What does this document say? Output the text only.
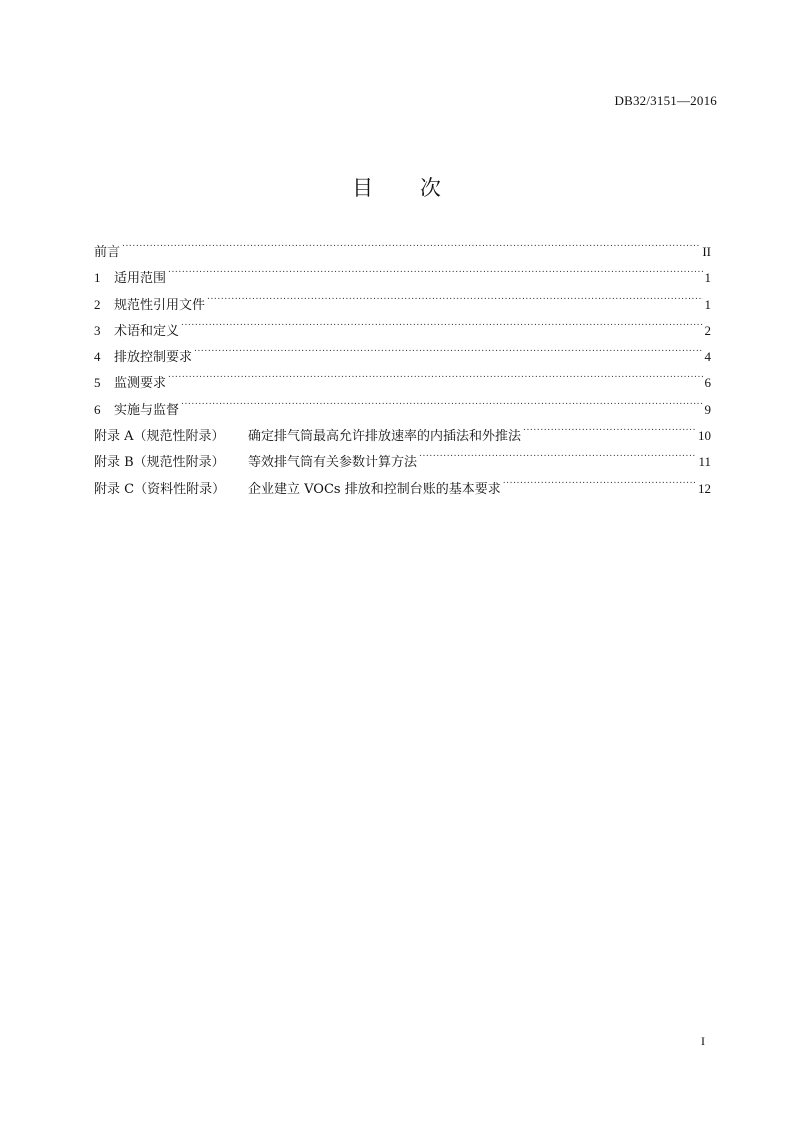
DB32/3151—2016
目 次
前言 .....	II
1	适用范围 .....	1
2	规范性引用文件 .....	1
3	术语和定义 .....	2
4	排放控制要求 .....	4
5	监测要求 .....	6
6	实施与监督 .....	9
附录 A（规范性附录）	确定排气筒最高允许排放速率的内插法和外推法 .....	10
附录 B（规范性附录）	等效排气筒有关参数计算方法 .....	11
附录 C（资料性附录）	企业建立 VOCs 排放和控制台账的基本要求 .....	12
I
